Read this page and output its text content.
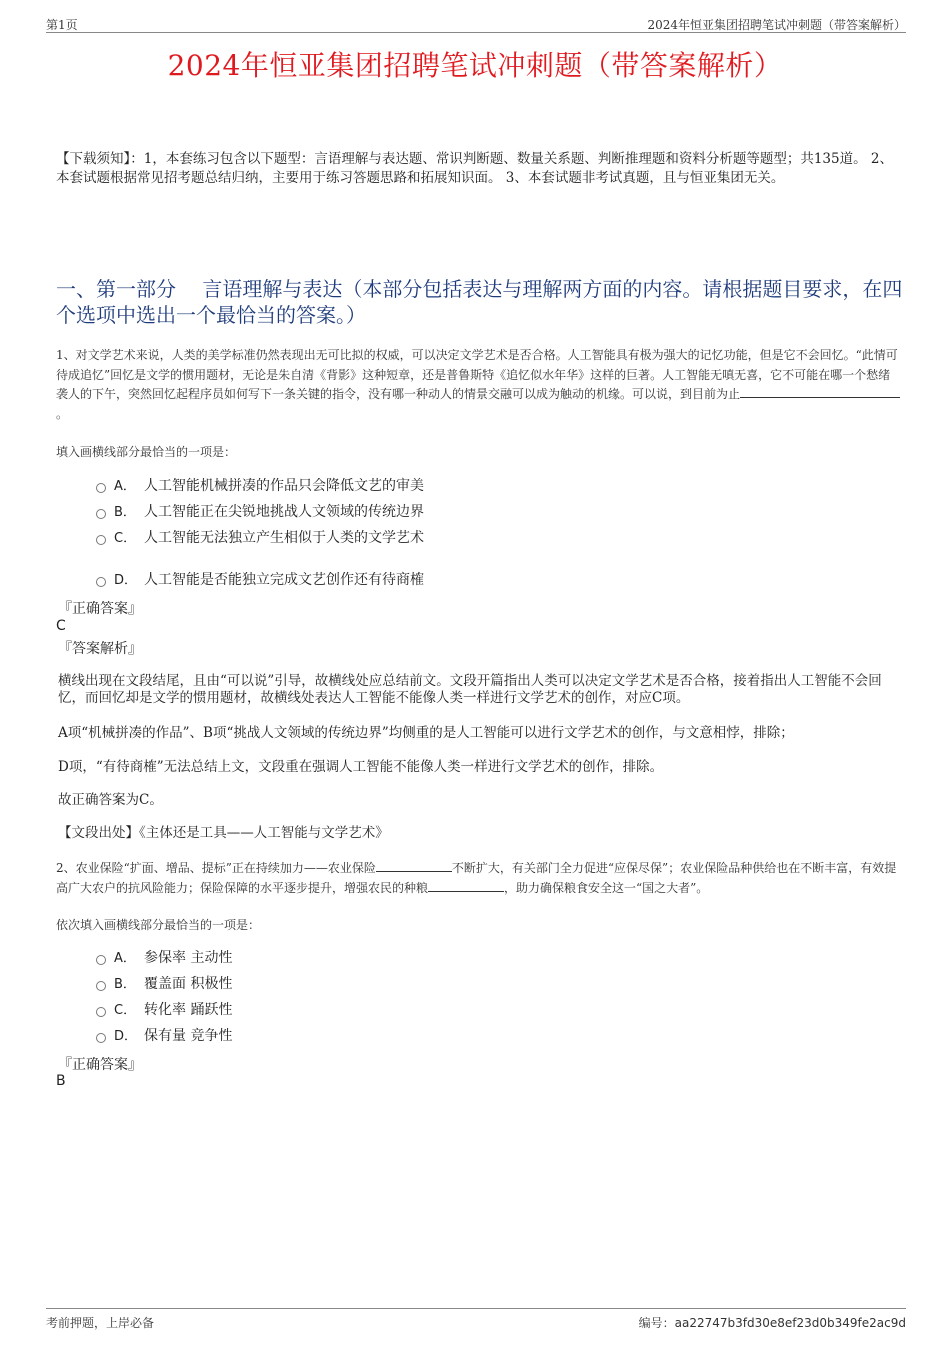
第1页	2024年恒亚集团招聘笔试冲刺题（带答案解析）
2024年恒亚集团招聘笔试冲刺题（带答案解析）
【下载须知】：1，本套练习包含以下题型：言语理解与表达题、常识判断题、数量关系题、判断推理题和资料分析题等题型；共135道。 2、本套试题根据常见招考题总结归纳，主要用于练习答题思路和拓展知识面。 3、本套试题非考试真题，且与恒亚集团无关。
一、第一部分　 言语理解与表达（本部分包括表达与理解两方面的内容。请根据题目要求，在四个选项中选出一个最恰当的答案。）
1、对文学艺术来说，人类的美学标准仍然表现出无可比拟的权威，可以决定文学艺术是否合格。人工智能具有极为强大的记忆功能，但是它不会回忆。“此情可待成追忆”回忆是文学的惯用题材，无论是朱自清《背影》这种短章，还是普鲁斯特《追忆似水年华》这样的巨著。人工智能无嗔无喜，它不可能在哪一个愁绪袭人的下午，突然回忆起程序员如何写下一条关键的指令，没有哪一种动人的情景交融可以成为触动的机缘。可以说，到目前为止。
填入画横线部分最恰当的一项是：
A． 人工智能机械拼凑的作品只会降低文艺的审美
B． 人工智能正在尖锐地挑战人文领域的传统边界
C． 人工智能无法独立产生相似于人类的文学艺术
D． 人工智能是否能独立完成文艺创作还有待商榷
『正确答案』
C
『答案解析』
横线出现在文段结尾，且由“可以说”引导，故横线处应总结前文。文段开篇指出人类可以决定文学艺术是否合格，接着指出人工智能不会回忆，而回忆却是文学的惯用题材，故横线处表达人工智能不能像人类一样进行文学艺术的创作，对应C项。
A项“机械拼凑的作品”、B项“挑战人文领域的传统边界”均侧重的是人工智能可以进行文学艺术的创作，与文意相悖，排除；
D项，“有待商榷”无法总结上文，文段重在强调人工智能不能像人类一样进行文学艺术的创作，排除。
故正确答案为C。
【文段出处】《主体还是工具——人工智能与文学艺术》
2、农业保险“扩面、增品、提标”正在持续加力——农业保险	不断扩大，有关部门全力促进“应保尽保”；农业保险品种供给也在不断丰富，有效提高广大农户的抗风险能力；保险保障的水平逐步提升，增强农民的种粮	，助力确保粮食安全这一“国之大者”。
依次填入画横线部分最恰当的一项是：
A． 参保率 主动性
B． 覆盖面 积极性
C． 转化率 踊跃性
D． 保有量 竞争性
『正确答案』
B
考前押题，上岸必备	编号：aa22747b3fd30e8ef23d0b349fe2ac9d
